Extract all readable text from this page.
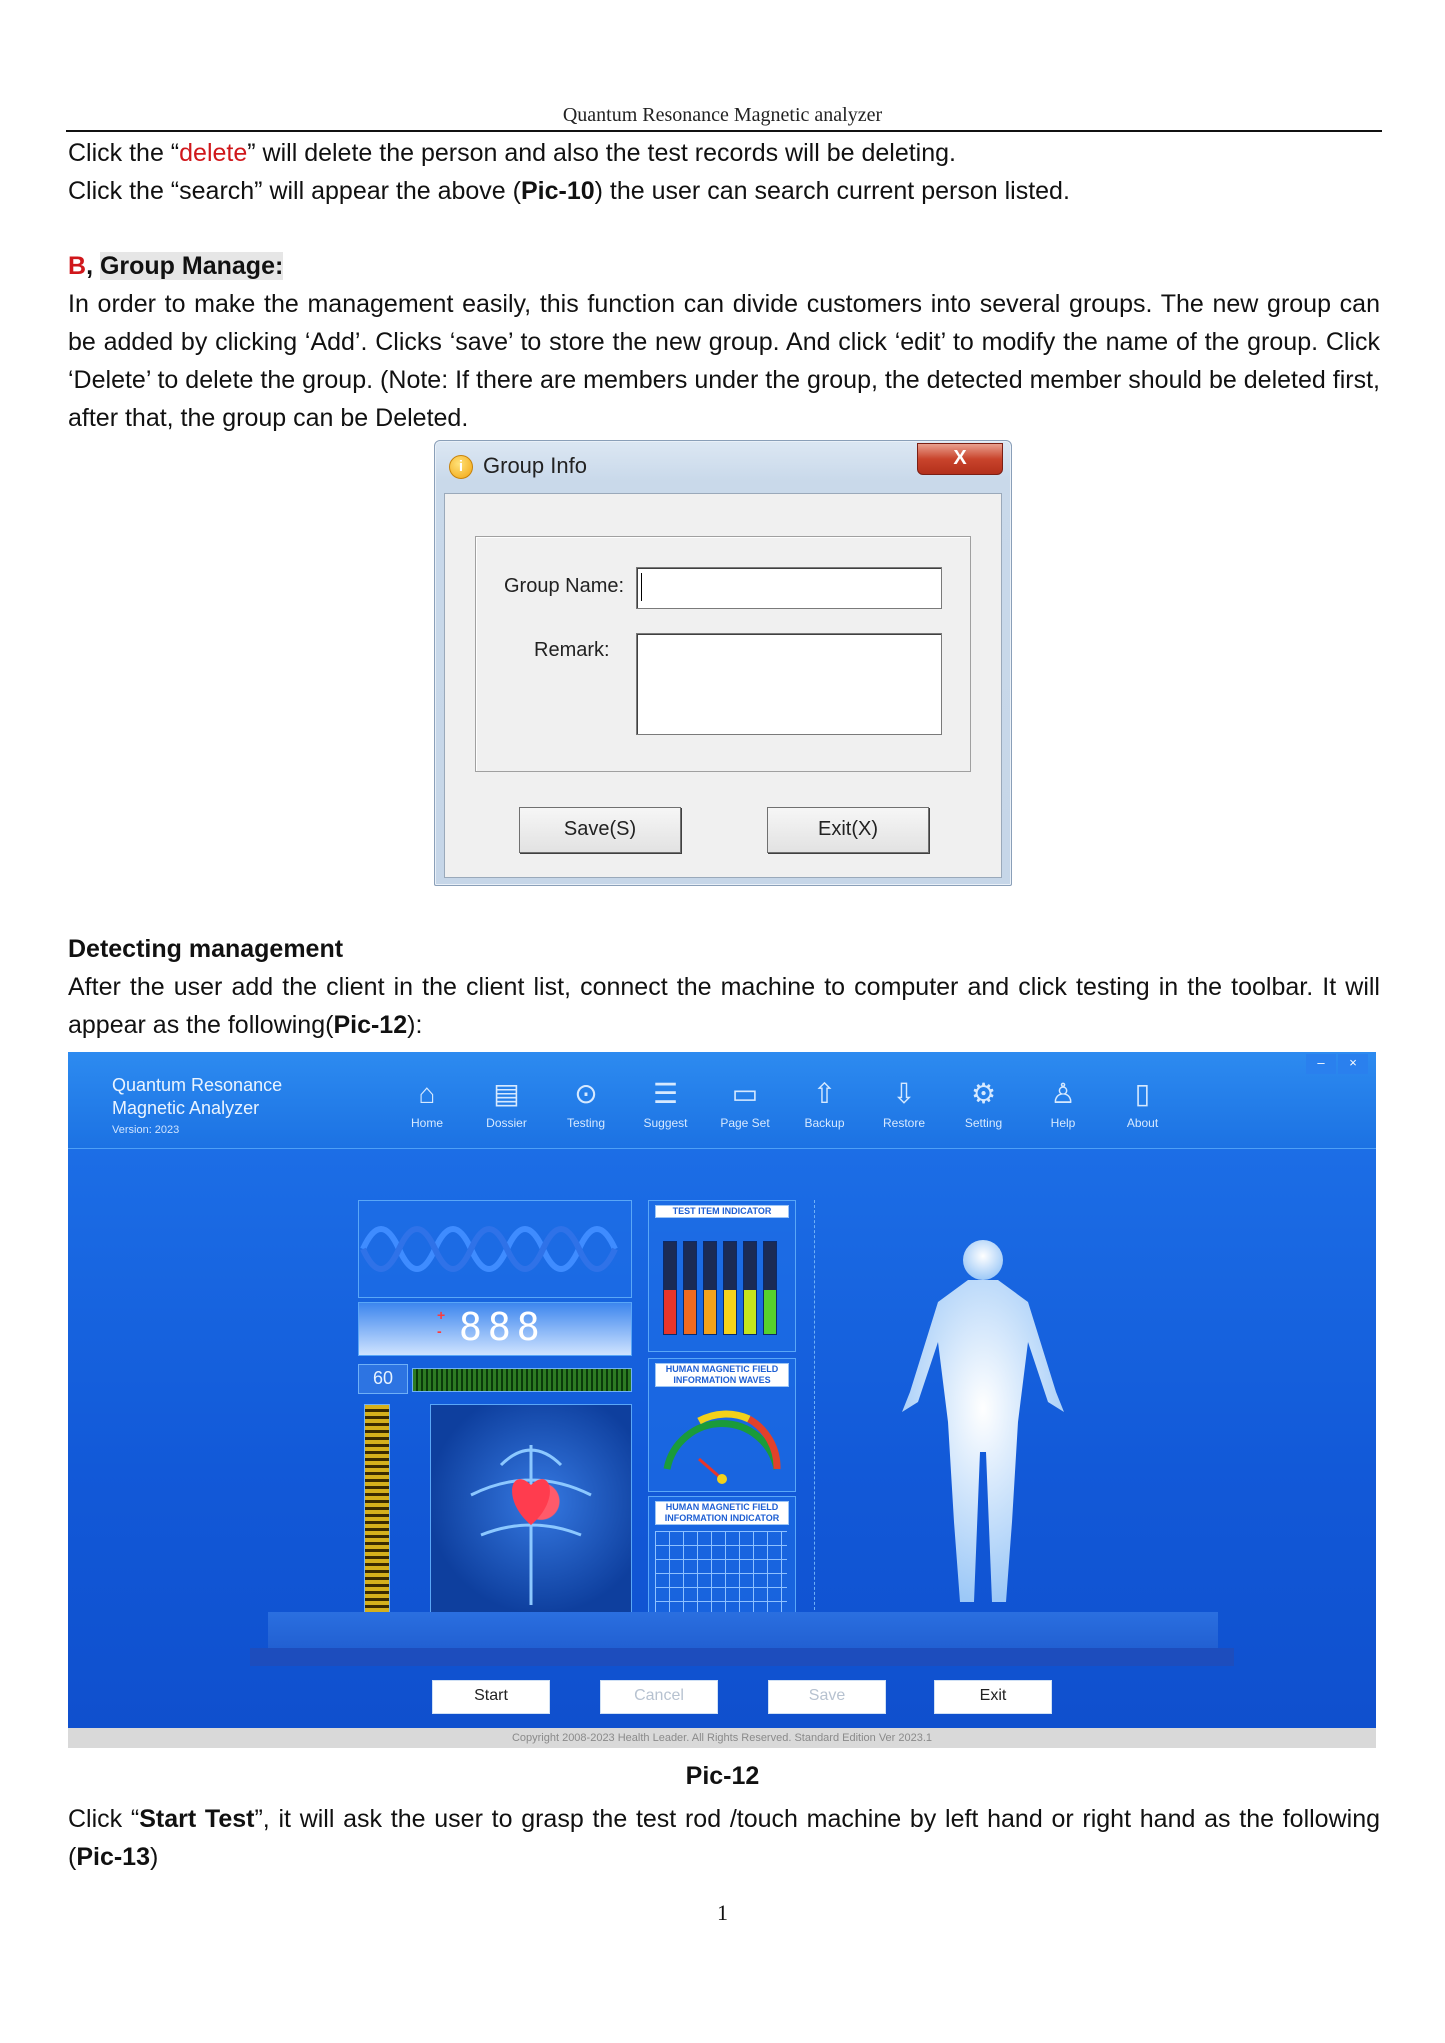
Quantum Resonance Magnetic analyzer
Click the “delete” will delete the person and also the test records will be deleting.
Click the “search” will appear the above (Pic-10) the user can search current person listed.
B, Group Manage:
In order to make the management easily, this function can divide customers into several groups. The new group can be added by clicking ‘Add’. Clicks ‘save’ to store the new group. And click ‘edit’ to modify the name of the group. Click ‘Delete’ to delete the group. (Note: If there are members under the group, the detected member should be deleted first, after that, the group can be Deleted.
i Group Info	X
Group Name:
Remark:
Save(S)	Exit(X)
Detecting management
After the user add the client in the client list, connect the machine to computer and click testing in the toolbar. It will appear as the following(Pic-12):
Quantum Resonance
Magnetic Analyzer
Version: 2023
–	×
⌂
Home
▤
Dossier
⊙
Testing
☰
Suggest
▭
Page Set
⇧
Backup
⇩
Restore
⚙
Setting
♙
Help
▯
About
+
- 888
60
TEST ITEM INDICATOR
HUMAN MAGNETIC FIELD INFORMATION WAVES
HUMAN MAGNETIC FIELD INFORMATION INDICATOR
Start	Cancel	Save	Exit
Copyright 2008-2023 Health Leader. All Rights Reserved. Standard Edition Ver 2023.1
Pic-12
Click “Start Test”, it will ask the user to grasp the test rod /touch machine by left hand or right hand as the following (Pic-13)
1
